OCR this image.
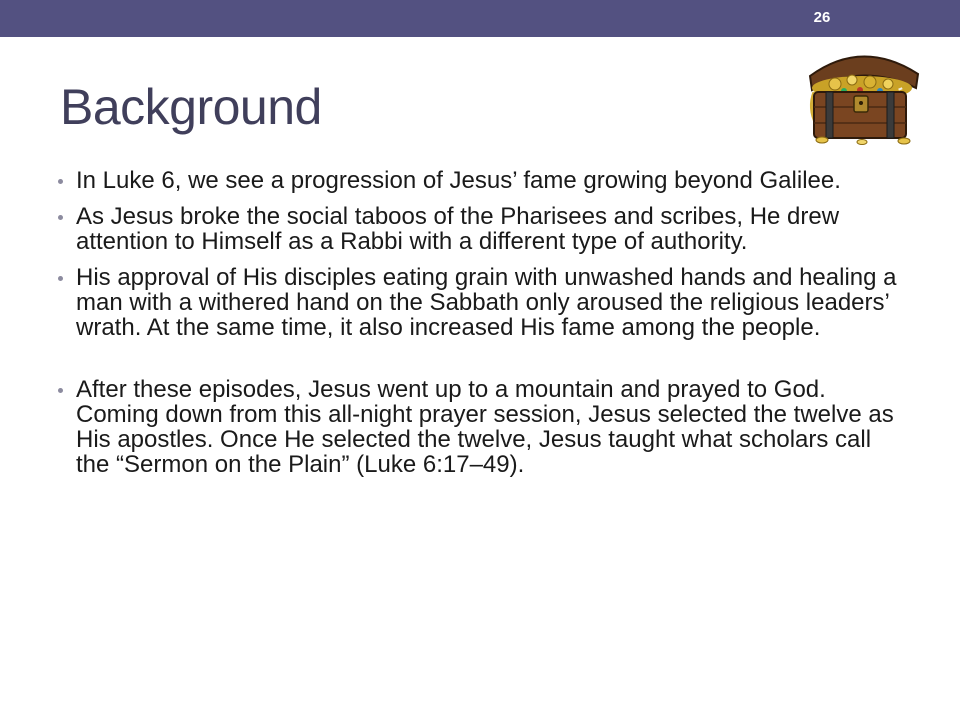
26
Background
In Luke 6, we see a progression of Jesus’ fame growing beyond Galilee.
As Jesus broke the social taboos of the Pharisees and scribes, He drew attention to Himself as a Rabbi with a different type of authority.
His approval of His disciples eating grain with unwashed hands and healing a man with a withered hand on the Sabbath only aroused the religious leaders’ wrath. At the same time, it also increased His fame among the people.
After these episodes, Jesus went up to a mountain and prayed to God. Coming down from this all-night prayer session, Jesus selected the twelve as His apostles. Once He selected the twelve, Jesus taught what scholars call the “Sermon on the Plain” (Luke 6:17–49).
